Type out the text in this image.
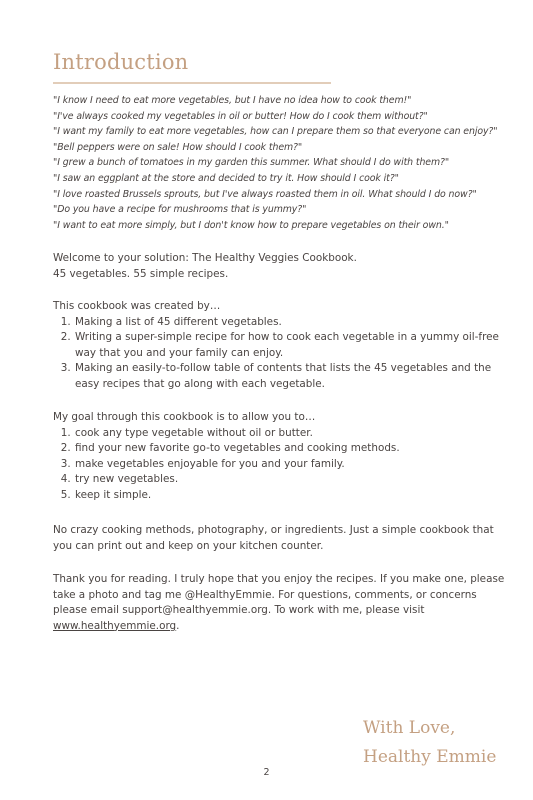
Introduction
"I know I need to eat more vegetables, but I have no idea how to cook them!"
"I've always cooked my vegetables in oil or butter! How do I cook them without?"
"I want my family to eat more vegetables, how can I prepare them so that everyone can enjoy?"
"Bell peppers were on sale! How should I cook them?"
"I grew a bunch of tomatoes in my garden this summer. What should I do with them?"
"I saw an eggplant at the store and decided to try it. How should I cook it?"
"I love roasted Brussels sprouts, but I've always roasted them in oil. What should I do now?"
"Do you have a recipe for mushrooms that is yummy?"
"I want to eat more simply, but I don't know how to prepare vegetables on their own."

Welcome to your solution: The Healthy Veggies Cookbook.

45 vegetables. 55 simple recipes.

This cookbook was created by…

1. Making a list of 45 different vegetables.
2. Writing a super-simple recipe for how to cook each vegetable in a yummy oil-free way that you and your family can enjoy.
3. Making an easily-to-follow table of contents that lists the 45 vegetables and the easy recipes that go along with each vegetable.

My goal through this cookbook is to allow you to…

1. cook any type vegetable without oil or butter.
2. find your new favorite go-to vegetables and cooking methods.
3. make vegetables enjoyable for you and your family.
4. try new vegetables.
5. keep it simple.

No crazy cooking methods, photography, or ingredients. Just a simple cookbook that you can print out and keep on your kitchen counter.

Thank you for reading. I truly hope that you enjoy the recipes. If you make one, please take a photo and tag me @HealthyEmmie. For questions, comments, or concerns please email support@healthyemmie.org. To work with me, please visit www.healthyemmie.org.

With Love,
Healthy Emmie
2
